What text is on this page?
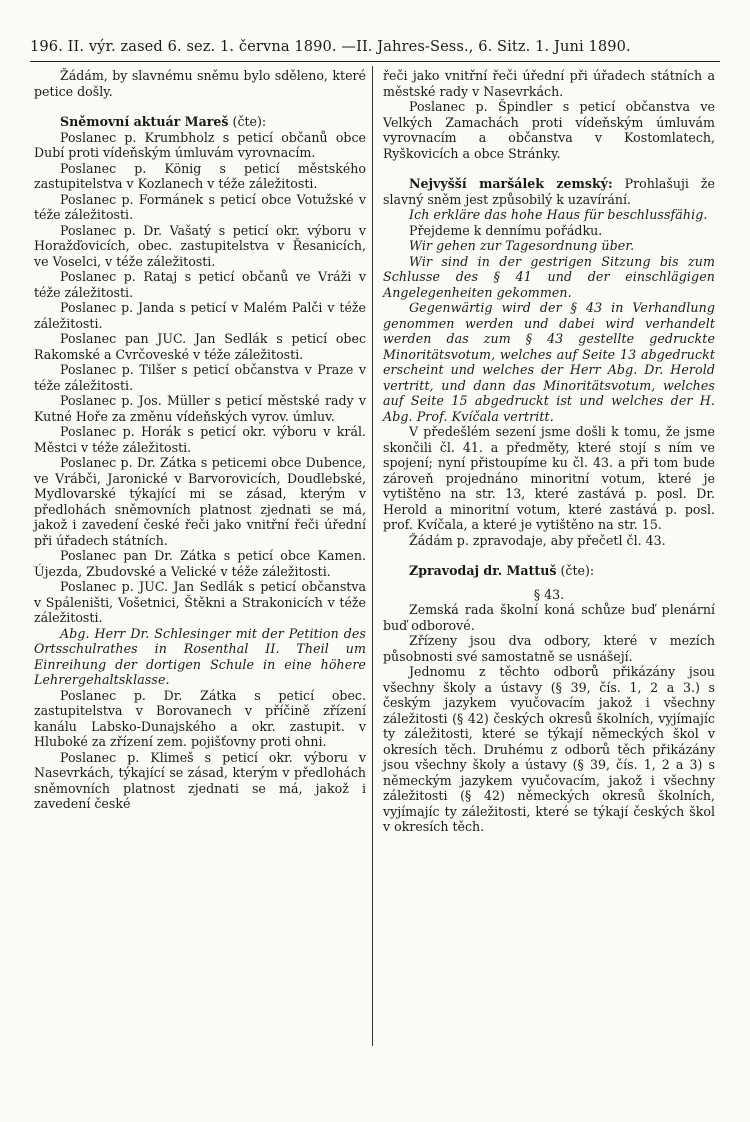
196. II. výr. zased 6. sez. 1. června 1890. —II. Jahres-Sess., 6. Sitz. 1. Juni 1890.

Žádám, by slavnému sněmu bylo sděleno, které petice došly.

Sněmovní aktuár Mareš (čte):

Poslanec p. Krumbholz s peticí občanů obce Dubí proti vídeňským úmluvám vyrovnacím.

Poslanec p. König s peticí městského zastupitelstva v Kozlanech v téže záležitosti.

Poslanec p. Formánek s peticí obce Votužské v téže záležitosti.

Poslanec p. Dr. Vašatý s peticí okr. výboru v Horažďovicích, obec. zastupitelstva v Řesanicích, ve Voselci, v téže záležitosti.

Poslanec p. Rataj s peticí občanů ve Vráži v téže záležitosti.

Poslanec p. Janda s peticí v Malém Palči v téže záležitosti.

Poslanec pan JUC. Jan Sedlák s peticí obec Rakomské a Cvrčoveské v téže záležitosti.

Poslanec p. Tilšer s peticí občanstva v Praze v téže záležitosti.

Poslanec p. Jos. Müller s peticí městské rady v Kutné Hoře za změnu vídeňských vyrov. úmluv.

Poslanec p. Horák s peticí okr. výboru v král. Městci v téže záležitosti.

Poslanec p. Dr. Zátka s peticemi obce Dubence, ve Vrábči, Jaronické v Barvorovicích, Doudlebské, Mydlovarské týkající mi se zásad, kterým v předlohách sněmovních platnost zjednati se má, jakož i zavedení české řeči jako vnitřní řeči úřední při úřadech státních.

Poslanec pan Dr. Zátka s peticí obce Kamen. Újezda, Zbudovské a Velické v téže záležitosti.

Poslanec p. JUC. Jan Sedlák s peticí občanstva v Spáleništi, Vošetnici, Štěkni a Strakonicích v téže záležitosti.

Abg. Herr Dr. Schlesinger mit der Petition des Ortsschulrathes in Rosenthal II. Theil um Einreihung der dortigen Schule in eine höhere Lehrergehaltsklasse.

Poslanec p. Dr. Zátka s peticí obec. zastupitelstva v Borovanech v příčině zřízení kanálu Labsko-Dunajského a okr. zastupit. v Hluboké za zřízení zem. pojišťovny proti ohni.

Poslanec p. Klimeš s peticí okr. výboru v Nasevrkách, týkající se zásad, kterým v předlohách sněmovních platnost zjednati se má, jakož i zavedení české

řeči jako vnitřní řeči úřední při úřadech státních a městské rady v Nasevrkách.

Poslanec p. Špindler s peticí občanstva ve Velkých Zamachách proti vídeňským úmluvám vyrovnacím a občanstva v Kostomlatech, Ryškovicích a obce Stránky.

Nejvyšší maršálek zemský: Prohlašuji že slavný sněm jest způsobilý k uzavírání.

Ich erkläre das hohe Haus für beschlussfähig.

Přejdeme k dennímu pořádku.

Wir gehen zur Tagesordnung über.

Wir sind in der gestrigen Sitzung bis zum Schlusse des § 41 und der einschlägigen Angelegenheiten gekommen.

Gegenwärtig wird der § 43 in Verhandlung genommen werden und dabei wird verhandelt werden das zum § 43 gestellte gedruckte Minoritätsvotum, welches auf Seite 13 abgedruckt erscheint und welches der Herr Abg. Dr. Herold vertritt, und dann das Minoritätsvotum, welches auf Seite 15 abgedruckt ist und welches der H. Abg. Prof. Kvíčala vertritt.

V předešlém sezení jsme došli k tomu, že jsme skončili čl. 41. a předměty, které stojí s ním ve spojení; nyní přistoupíme ku čl. 43. a při tom bude zároveň projednáno minoritní votum, které je vytištěno na str. 13, které zastává p. posl. Dr. Herold a minoritní votum, které zastává p. posl. prof. Kvíčala, a které je vytištěno na str. 15.

Žádám p. zpravodaje, aby přečetl čl. 43.

Zpravodaj dr. Mattuš (čte):

§ 43.

Zemská rada školní koná schůze buď plenární buď odborové.

Zřízeny jsou dva odbory, které v mezích působnosti své samostatně se usnášejí.

Jednomu z těchto odborů přikázány jsou všechny školy a ústavy (§ 39, čís. 1, 2 a 3.) s českým jazykem vyučovacím jakož i všechny záležitosti (§ 42) českých okresů školních, vyjímajíc ty záležitosti, které se týkají německých škol v okresích těch. Druhému z odborů těch přikázány jsou všechny školy a ústavy (§ 39, čís. 1, 2 a 3) s německým jazykem vyučovacím, jakož i všechny záležitosti (§ 42) německých okresů školních, vyjímajíc ty záležitosti, které se týkají českých škol v okresích těch.
